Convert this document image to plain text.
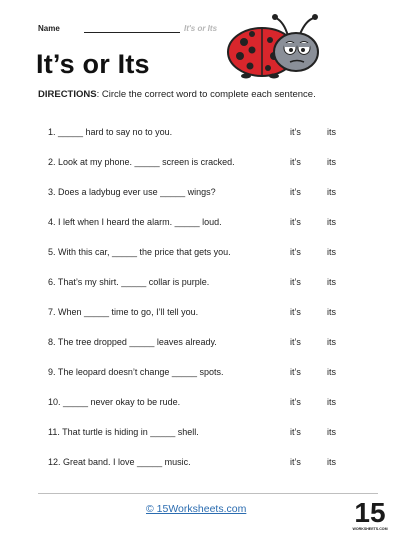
Name	It's or Its
It’s or Its
DIRECTIONS: Circle the correct word to complete each sentence.
1. _____ hard to say no to you.	it’s	its
2. Look at my phone. _____ screen is cracked.	it’s	its
3. Does a ladybug ever use _____ wings?	it’s	its
4. I left when I heard the alarm. _____ loud.	it’s	its
5. With this car, _____ the price that gets you.	it’s	its
6. That’s my shirt. _____ collar is purple.	it’s	its
7. When _____ time to go, I’ll tell you.	it’s	its
8. The tree dropped _____ leaves already.	it’s	its
9. The leopard doesn’t change _____ spots.	it’s	its
10. _____ never okay to be rude.	it’s	its
11. That turtle is hiding in _____ shell.	it’s	its
12. Great band. I love _____ music.	it’s	its
© 15Worksheets.com	15
WORKSHEETS.COM
